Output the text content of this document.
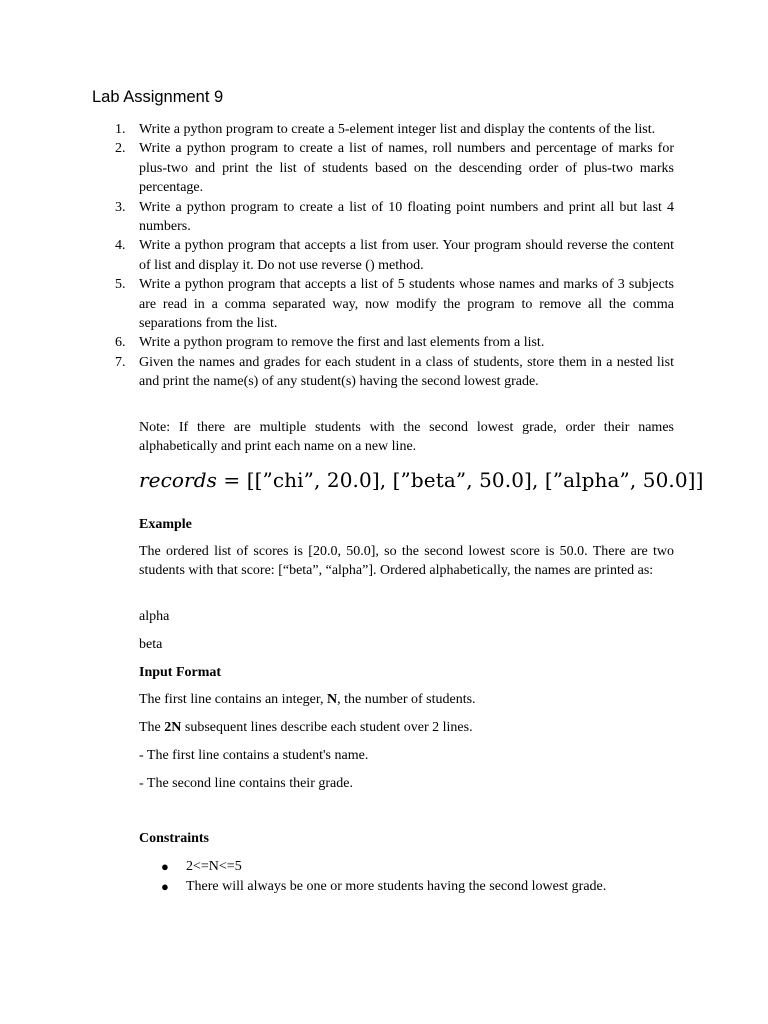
Lab Assignment 9
1. Write a python program to create a 5-element integer list and display the contents of the list.
2. Write a python program to create a list of names, roll numbers and percentage of marks for plus-two and print the list of students based on the descending order of plus-two marks percentage.
3. Write a python program to create a list of 10 floating point numbers and print all but last 4 numbers.
4. Write a python program that accepts a list from user. Your program should reverse the content of list and display it. Do not use reverse () method.
5. Write a python program that accepts a list of 5 students whose names and marks of 3 subjects are read in a comma separated way, now modify the program to remove all the comma separations from the list.
6. Write a python program to remove the first and last elements from a list.
7. Given the names and grades for each student in a class of students, store them in a nested list and print the name(s) of any student(s) having the second lowest grade.

Note: If there are multiple students with the second lowest grade, order their names alphabetically and print each name on a new line.

records = [[”chi”, 20.0], [”beta”, 50.0], [”alpha”, 50.0]]

Example

The ordered list of scores is [20.0, 50.0], so the second lowest score is 50.0. There are two students with that score: [“beta”, “alpha”]. Ordered alphabetically, the names are printed as:

alpha

beta

Input Format

The first line contains an integer, N, the number of students.

The 2N subsequent lines describe each student over 2 lines.

- The first line contains a student's name.

- The second line contains their grade.

Constraints

● 2<=N<=5
● There will always be one or more students having the second lowest grade.
